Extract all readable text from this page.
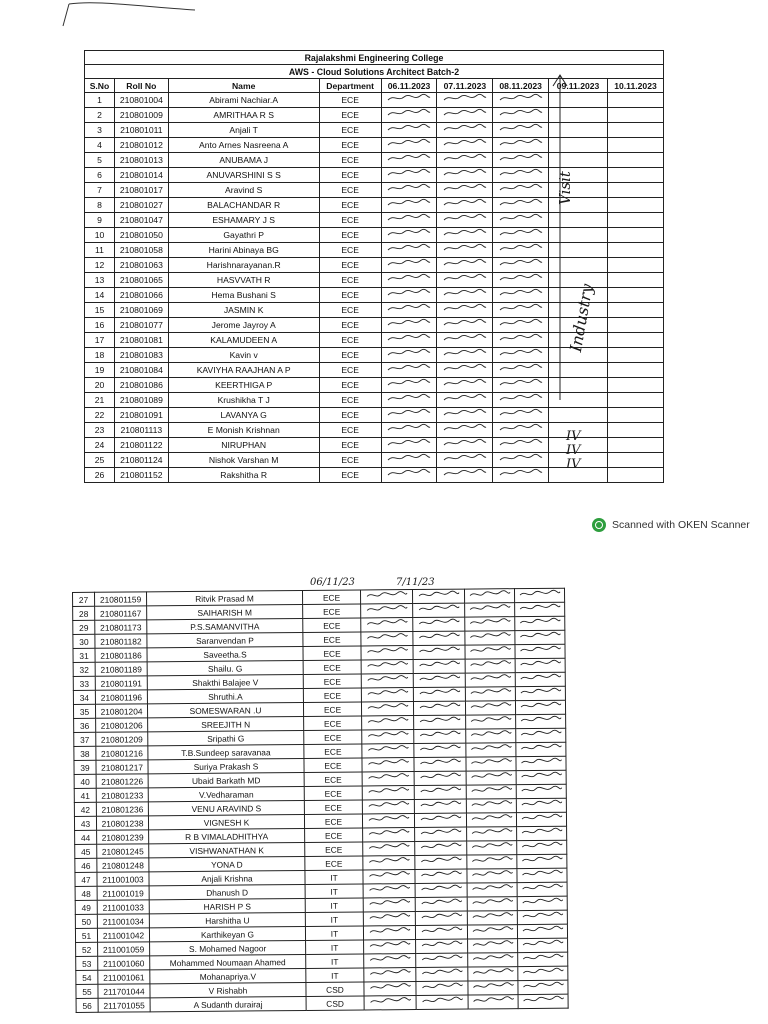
Rajalakshmi Engineering College								
AWS - Cloud Solutions Architect Batch-2								
S.No	Roll No	Name	Department	06.11.2023	07.11.2023	08.11.2023	09.11.2023	10.11.2023
1	210801004	Abirami Nachiar.A	ECE					
2	210801009	AMRITHAA R S	ECE					
3	210801011	Anjali T	ECE					
4	210801012	Anto Arnes Nasreena A	ECE					
5	210801013	ANUBAMA J	ECE					
6	210801014	ANUVARSHINI S S	ECE					
7	210801017	Aravind S	ECE					
8	210801027	BALACHANDAR R	ECE					
9	210801047	ESHAMARY J S	ECE					
10	210801050	Gayathri P	ECE					
11	210801058	Harini Abinaya BG	ECE					
12	210801063	Harishnarayanan.R	ECE					
13	210801065	HASVVATH R	ECE					
14	210801066	Hema Bushani S	ECE					
15	210801069	JASMIN K	ECE					
16	210801077	Jerome Jayroy A	ECE					
17	210801081	KALAMUDEEN A	ECE					
18	210801083	Kavin v	ECE					
19	210801084	KAVIYHA RAAJHAN A P	ECE					
20	210801086	KEERTHIGA P	ECE					
21	210801089	Krushikha T J	ECE					
22	210801091	LAVANYA G	ECE					
23	210801113	E Monish Krishnan	ECE					
24	210801122	NIRUPHAN	ECE					
25	210801124	Nishok Varshan M	ECE					
26	210801152	Rakshitha R	ECE					
Visit
Industry
IV
IV
IV
Scanned with OKEN Scanner
06/11/23	7/11/23
27	210801159	Ritvik Prasad M	ECE				
28	210801167	SAIHARISH M	ECE				
29	210801173	P.S.SAMANVITHA	ECE				
30	210801182	Saranvendan P	ECE				
31	210801186	Saveetha.S	ECE				
32	210801189	Shailu. G	ECE				
33	210801191	Shakthi Balajee V	ECE				
34	210801196	Shruthi.A	ECE				
35	210801204	SOMESWARAN .U	ECE				
36	210801206	SREEJITH N	ECE				
37	210801209	Sripathi G	ECE				
38	210801216	T.B.Sundeep saravanaa	ECE				
39	210801217	Suriya Prakash S	ECE				
40	210801226	Ubaid Barkath MD	ECE				
41	210801233	V.Vedharaman	ECE				
42	210801236	VENU ARAVIND S	ECE				
43	210801238	VIGNESH K	ECE				
44	210801239	R B VIMALADHITHYA	ECE				
45	210801245	VISHWANATHAN K	ECE				
46	210801248	YONA D	ECE				
47	211001003	Anjali Krishna	IT				
48	211001019	Dhanush D	IT				
49	211001033	HARISH P S	IT				
50	211001034	Harshitha U	IT				
51	211001042	Karthikeyan G	IT				
52	211001059	S. Mohamed Nagoor	IT				
53	211001060	Mohammed Noumaan Ahamed	IT				
54	211001061	Mohanapriya.V	IT				
55	211701044	V Rishabh	CSD				
56	211701055	A Sudanth durairaj	CSD				
